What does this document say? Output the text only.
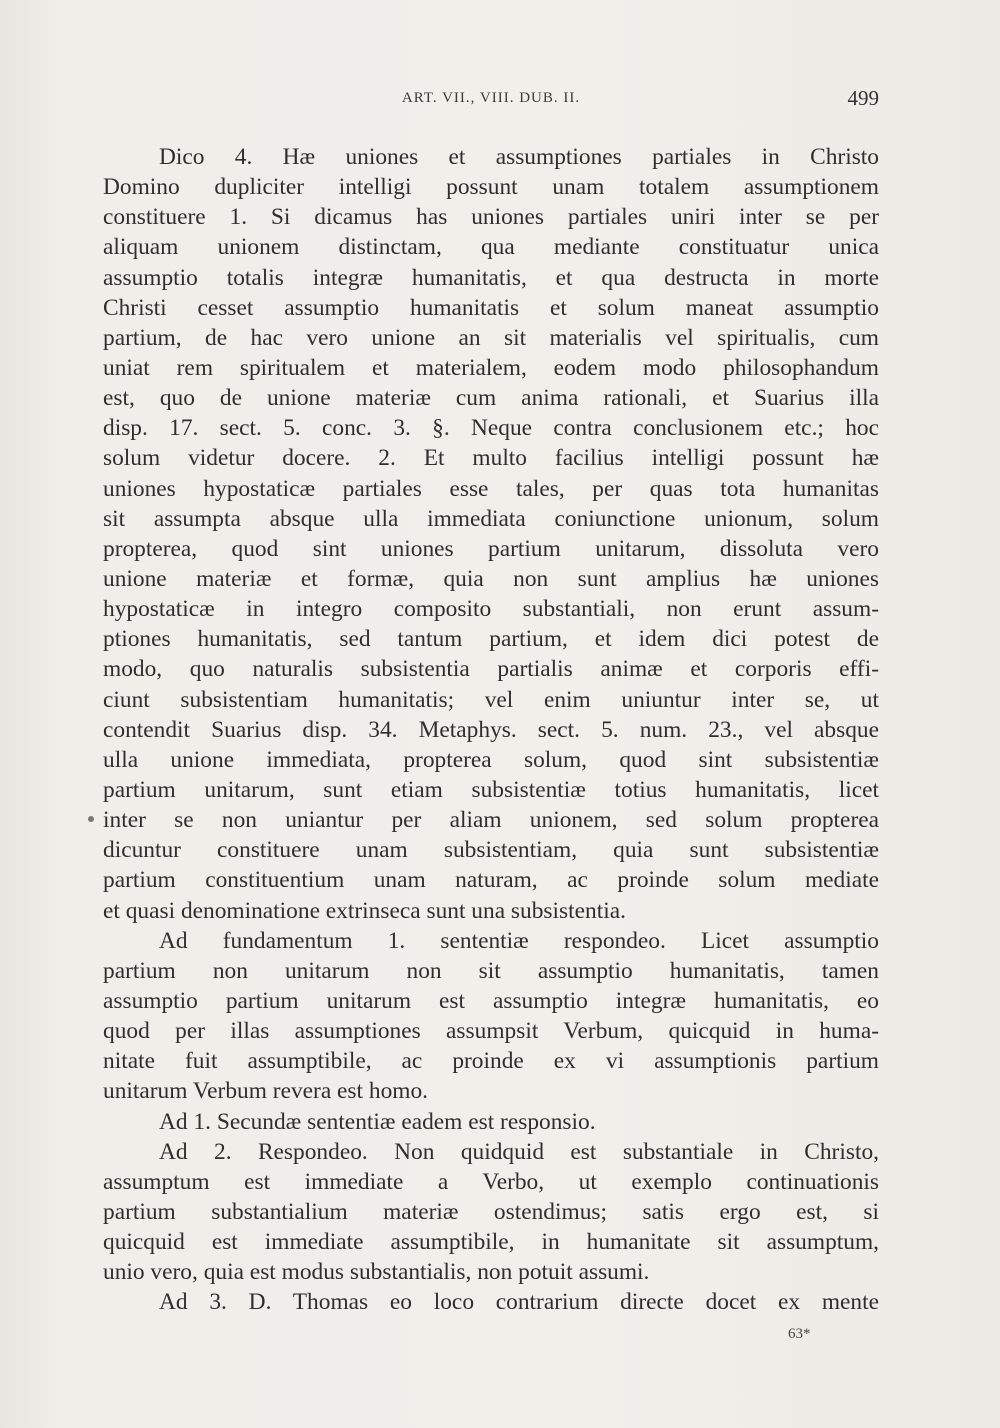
ART. VII., VIII. DUB. II.	499
Dico 4. Hæ uniones et assumptiones partiales in Christo
Domino dupliciter intelligi possunt unam totalem assumptionem
constituere 1. Si dicamus has uniones partiales uniri inter se per
aliquam unionem distinctam, qua mediante constituatur unica
assumptio totalis integræ humanitatis, et qua destructa in morte
Christi cesset assumptio humanitatis et solum maneat assumptio
partium, de hac vero unione an sit materialis vel spiritualis, cum
uniat rem spiritualem et materialem, eodem modo philosophandum
est, quo de unione materiæ cum anima rationali, et Suarius illa
disp. 17. sect. 5. conc. 3. §. Neque contra conclusionem etc.; hoc
solum videtur docere. 2. Et multo facilius intelligi possunt hæ
uniones hypostaticæ partiales esse tales, per quas tota humanitas
sit assumpta absque ulla immediata coniunctione unionum, solum
propterea, quod sint uniones partium unitarum, dissoluta vero
unione materiæ et formæ, quia non sunt amplius hæ uniones
hypostaticæ in integro composito substantiali, non erunt assum-
ptiones humanitatis, sed tantum partium, et idem dici potest de
modo, quo naturalis subsistentia partialis animæ et corporis effi-
ciunt subsistentiam humanitatis; vel enim uniuntur inter se, ut
contendit Suarius disp. 34. Metaphys. sect. 5. num. 23., vel absque
ulla unione immediata, propterea solum, quod sint subsistentiæ
partium unitarum, sunt etiam subsistentiæ totius humanitatis, licet
inter se non uniantur per aliam unionem, sed solum propterea
dicuntur constituere unam subsistentiam, quia sunt subsistentiæ
partium constituentium unam naturam, ac proinde solum mediate
et quasi denominatione extrinseca sunt una subsistentia.
Ad fundamentum 1. sententiæ respondeo. Licet assumptio
partium non unitarum non sit assumptio humanitatis, tamen
assumptio partium unitarum est assumptio integræ humanitatis, eo
quod per illas assumptiones assumpsit Verbum, quicquid in huma-
nitate fuit assumptibile, ac proinde ex vi assumptionis partium
unitarum Verbum revera est homo.
Ad 1. Secundæ sententiæ eadem est responsio.
Ad 2. Respondeo. Non quidquid est substantiale in Christo,
assumptum est immediate a Verbo, ut exemplo continuationis
partium substantialium materiæ ostendimus; satis ergo est, si
quicquid est immediate assumptibile, in humanitate sit assumptum,
unio vero, quia est modus substantialis, non potuit assumi.
Ad 3. D. Thomas eo loco contrarium directe docet ex mente
63*
